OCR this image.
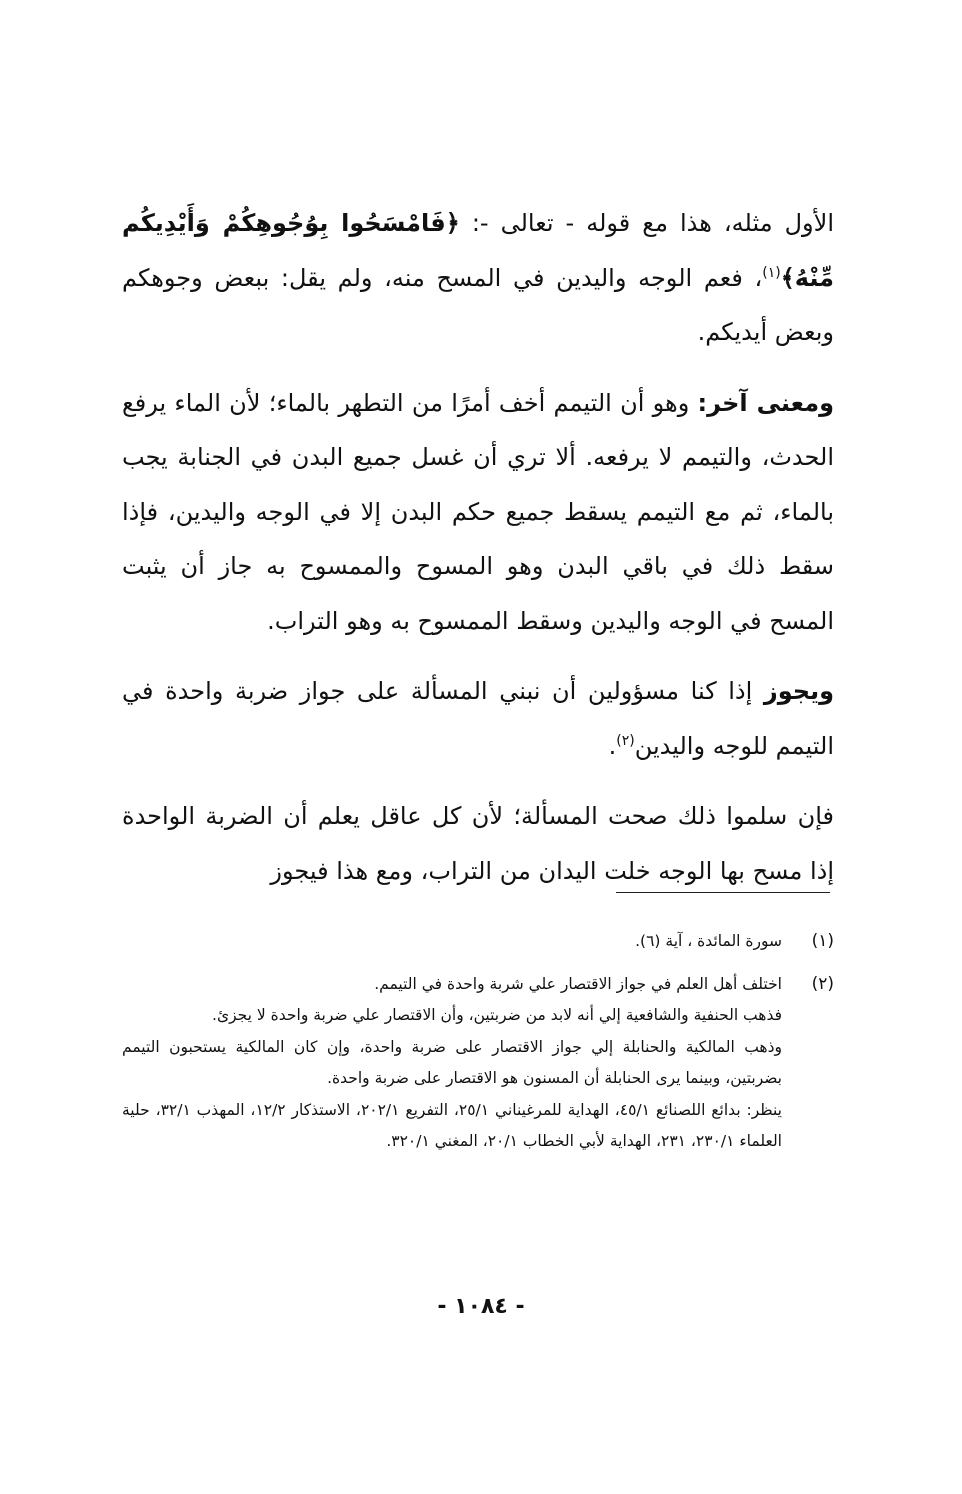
الأول مثله، هذا مع قوله - تعالى -: ﴿فَامْسَحُوا بِوُجُوهِكُمْ وَأَيْدِيكُم مِّنْهُ﴾$^{(١)}$، فعم الوجه واليدين في المسح منه، ولم يقل: ببعض وجوهكم وبعض أيديكم.

ومعنى آخر: وهو أن التيمم أخف أمرًا من التطهر بالماء؛ لأن الماء يرفع الحدث، والتيمم لا يرفعه. ألا تري أن غسل جميع البدن في الجنابة يجب بالماء، ثم مع التيمم يسقط جميع حكم البدن إلا في الوجه واليدين، فإذا سقط ذلك في باقي البدن وهو المسوح والممسوح به جاز أن يثبت المسح في الوجه واليدين وسقط الممسوح به وهو التراب.

ويجوز إذا كنا مسؤولين أن نبني المسألة على جواز ضربة واحدة في التيمم للوجه واليدين$^{(٢)}$.

فإن سلموا ذلك صحت المسألة؛ لأن كل عاقل يعلم أن الضربة الواحدة إذا مسح بها الوجه خلت اليدان من التراب، ومع هذا فيجوز

(١)
سورة المائدة ، آية (٦).
(٢)
اختلف أهل العلم في جواز الاقتصار علي شربة واحدة في التيمم.
فذهب الحنفية والشافعية إلي أنه لابد من ضربتين، وأن الاقتصار علي ضربة واحدة لا يجزئ.
وذهب المالكية والحنابلة إلي جواز الاقتصار على ضربة واحدة، وإن كان المالكية يستحبون التيمم بضربتين، وبينما يرى الحنابلة أن المسنون هو الاقتصار على ضربة واحدة.
ينظر: بدائع اللصنائع ٤٥/١، الهداية للمرغيناني ٢٥/١، التفريع ٢٠٢/١، الاستذكار ١٢/٢، المهذب ٣٢/١، حلية العلماء ٢٣٠/١، ٢٣١، الهداية لأبي الخطاب ٢٠/١، المغني ٣٢٠/١.
- ١٠٨٤ -
